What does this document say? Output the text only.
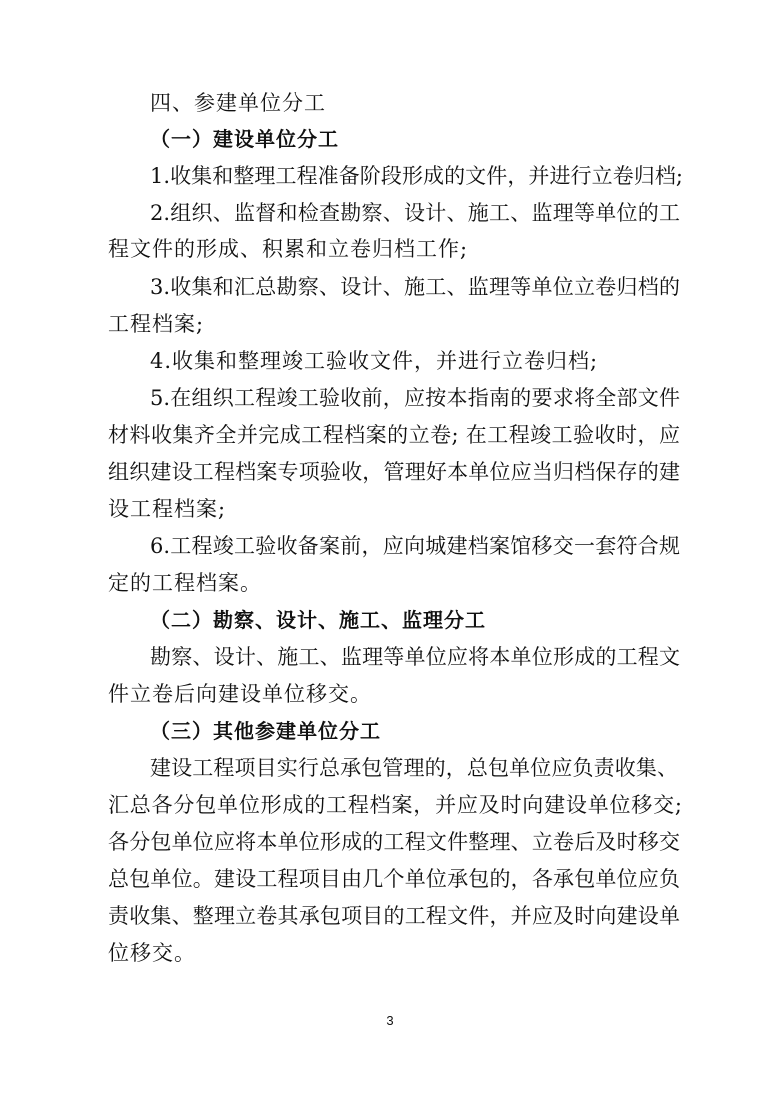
四、参建单位分工
（一）建设单位分工
1.收集和整理工程准备阶段形成的文件，并进行立卷归档;
2.组织、监督和检查勘察、设计、施工、监理等单位的工
程文件的形成、积累和立卷归档工作;
3.收集和汇总勘察、设计、施工、监理等单位立卷归档的
工程档案;
4.收集和整理竣工验收文件，并进行立卷归档;
5.在组织工程竣工验收前，应按本指南的要求将全部文件
材料收集齐全并完成工程档案的立卷; 在工程竣工验收时，应
组织建设工程档案专项验收，管理好本单位应当归档保存的建
设工程档案;
6.工程竣工验收备案前，应向城建档案馆移交一套符合规
定的工程档案。
（二）勘察、设计、施工、监理分工
勘察、设计、施工、监理等单位应将本单位形成的工程文
件立卷后向建设单位移交。
（三）其他参建单位分工
建设工程项目实行总承包管理的，总包单位应负责收集、
汇总各分包单位形成的工程档案，并应及时向建设单位移交;
各分包单位应将本单位形成的工程文件整理、立卷后及时移交
总包单位。建设工程项目由几个单位承包的，各承包单位应负
责收集、整理立卷其承包项目的工程文件，并应及时向建设单
位移交。
3
